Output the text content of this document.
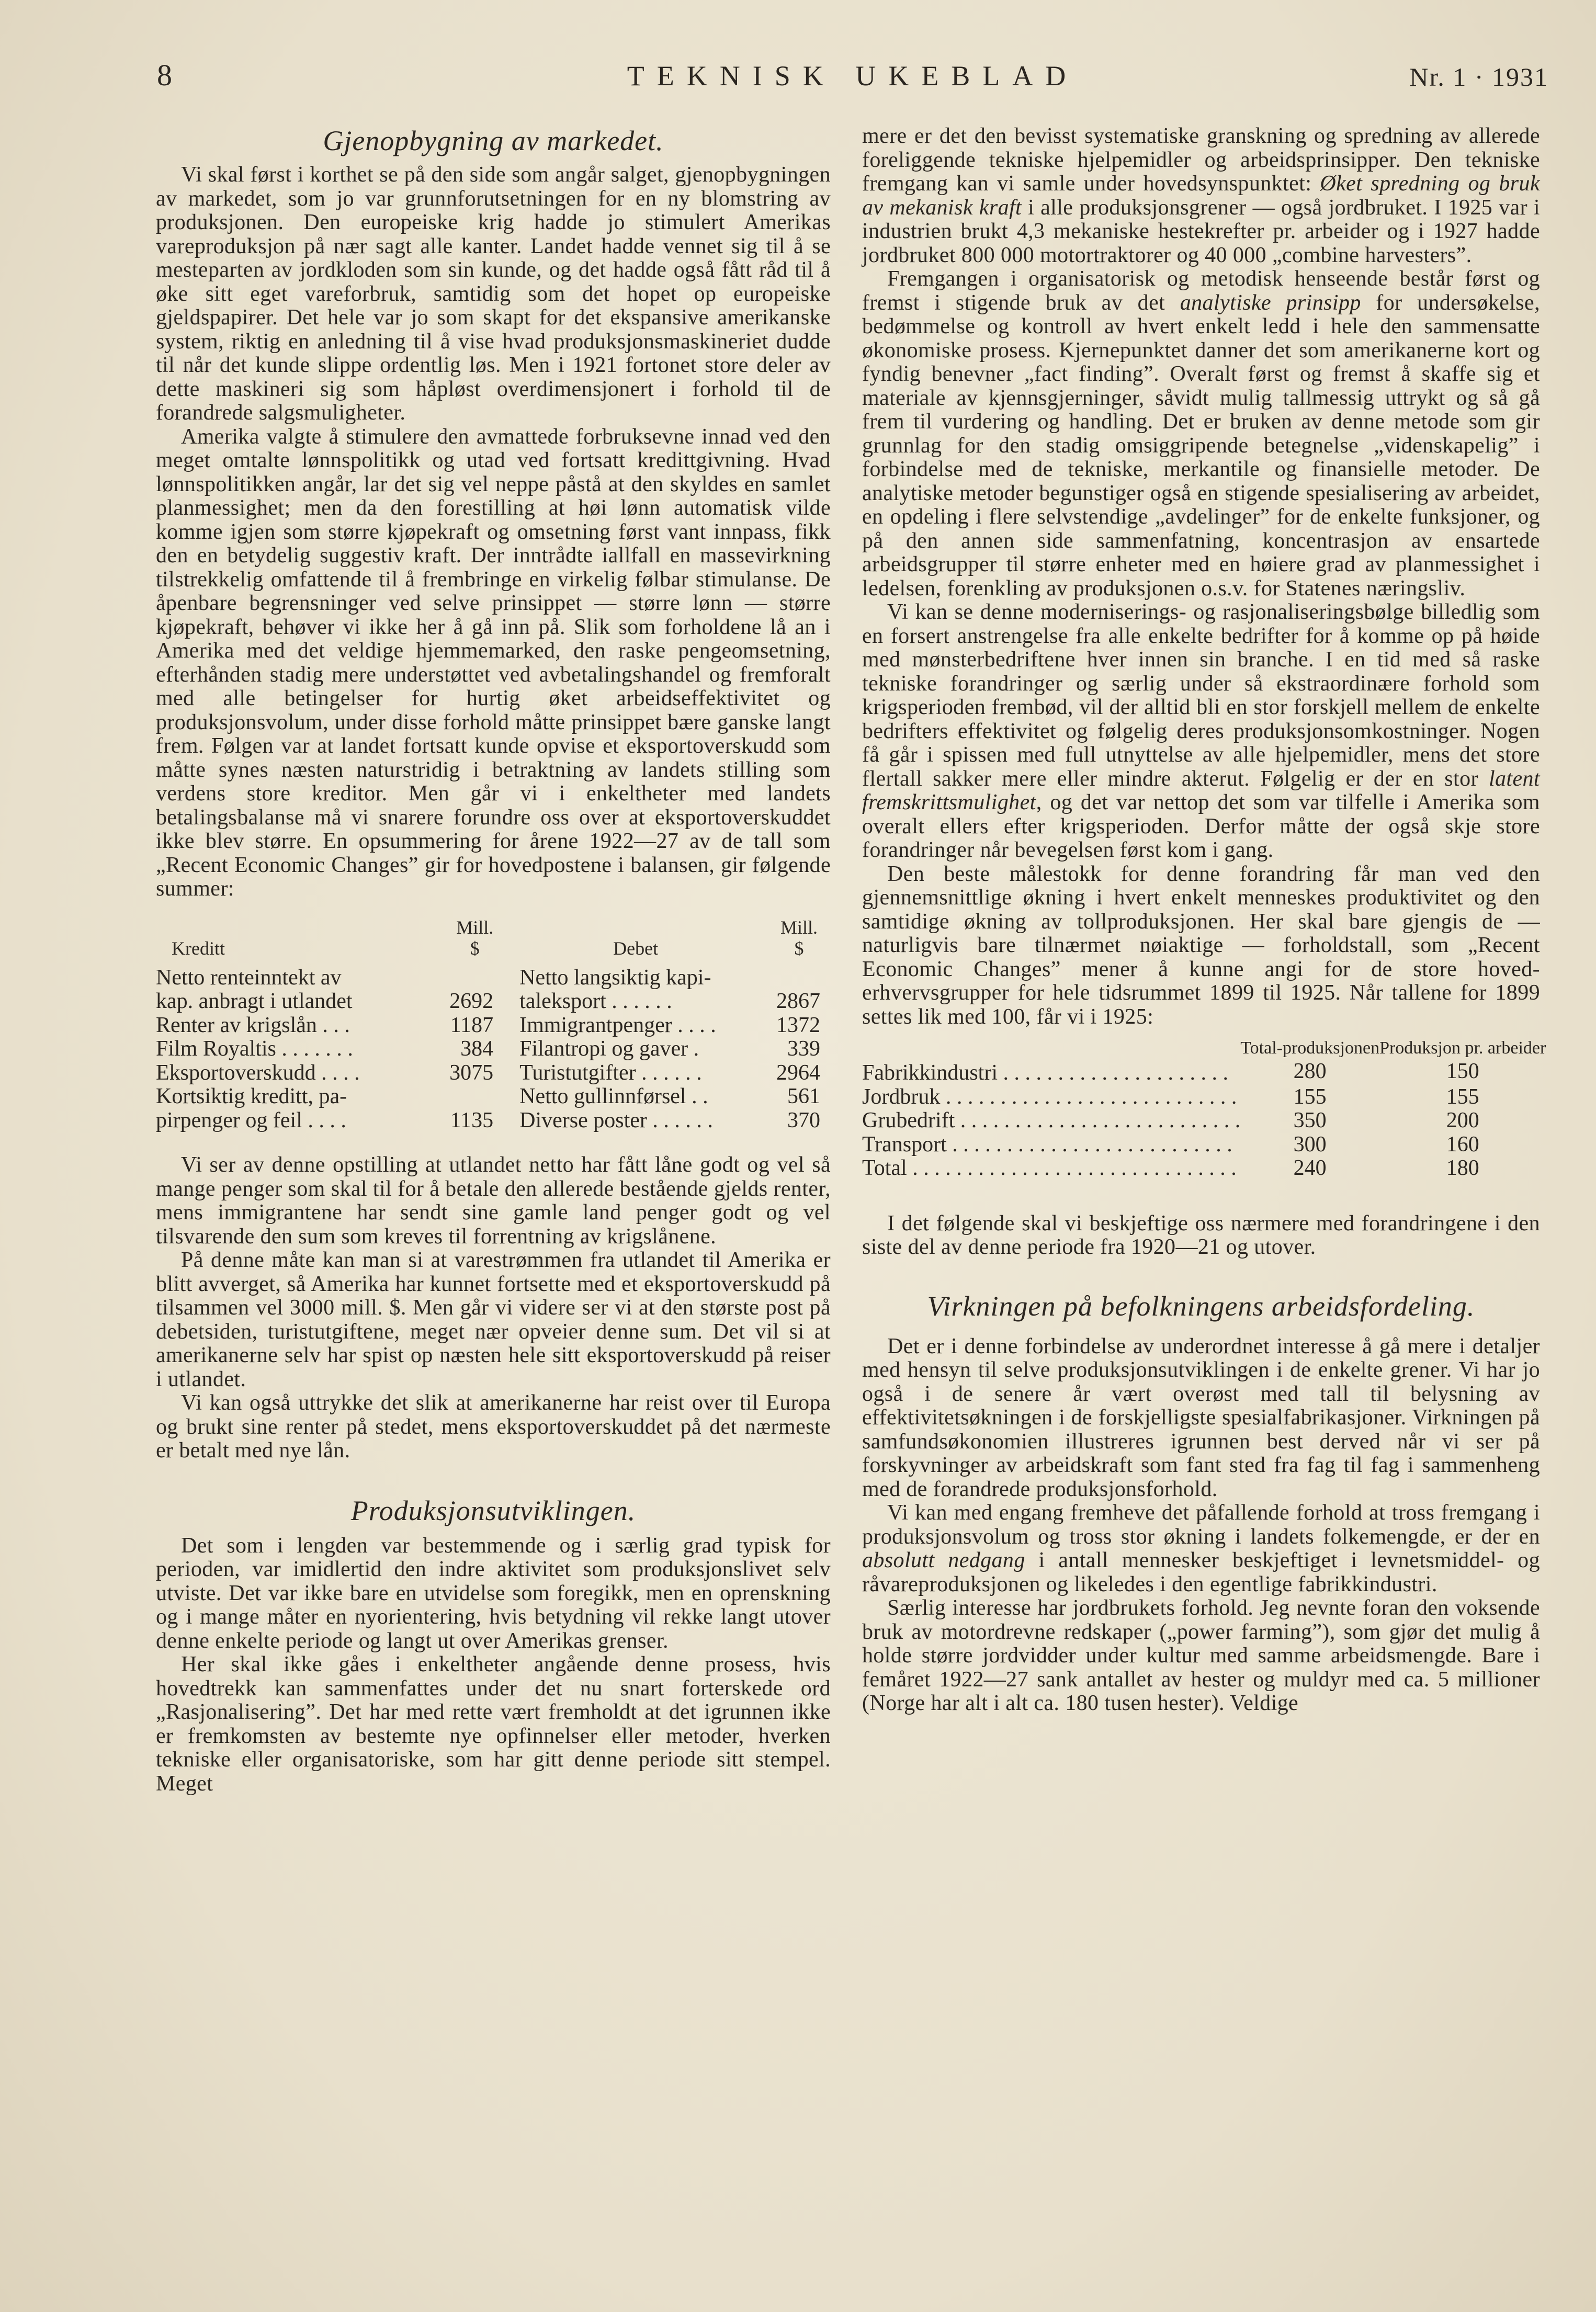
8	TEKNISK UKEBLAD	Nr. 1 · 1931
Gjenopbygning av markedet.

Vi skal først i korthet se på den side som angår salget, gjenopbygningen av markedet, som jo var grunnforutsetningen for en ny blomstring av produksjonen. Den europeiske krig hadde jo stimulert Amerikas vareproduksjon på nær sagt alle kanter. Landet hadde vennet sig til å se mesteparten av jordkloden som sin kunde, og det hadde også fått råd til å øke sitt eget vareforbruk, samtidig som det hopet op europeiske gjeldspapirer. Det hele var jo som skapt for det ekspansive amerikanske system, riktig en anledning til å vise hvad produksjonsmaskineriet dudde til når det kunde slippe ordentlig løs. Men i 1921 fortonet store deler av dette maskineri sig som håpløst overdimensjonert i forhold til de forandrede salgsmuligheter.

Amerika valgte å stimulere den avmattede forbruksevne innad ved den meget omtalte lønnspolitikk og utad ved fortsatt kredittgivning. Hvad lønnspolitikken angår, lar det sig vel neppe påstå at den skyldes en samlet planmessighet; men da den forestilling at høi lønn automatisk vilde komme igjen som større kjøpekraft og omsetning først vant innpass, fikk den en betydelig suggestiv kraft. Der inntrådte iallfall en massevirkning tilstrekkelig omfattende til å frembringe en virkelig følbar stimulanse. De åpenbare begrensninger ved selve prinsippet — større lønn — større kjøpekraft, behøver vi ikke her å gå inn på. Slik som forholdene lå an i Amerika med det veldige hjemmemarked, den raske pengeomsetning, efterhånden stadig mere understøttet ved avbetalingshandel og fremforalt med alle betingelser for hurtig øket arbeidseffektivitet og produksjonsvolum, under disse forhold måtte prinsippet bære ganske langt frem. Følgen var at landet fortsatt kunde opvise et eksportoverskudd som måtte synes næsten naturstridig i betraktning av landets stilling som verdens store kreditor. Men går vi i enkeltheter med landets betalingsbalanse må vi snarere forundre oss over at eksportoverskuddet ikke blev større. En opsummering for årene 1922—27 av de tall som „Recent Economic Changes” gir for hovedpostene i balansen, gir følgende summer:

Kreditt	Mill.
$	Debet	Mill.
$
Netto renteinntekt av		Netto langsiktig kapi-	
kap. anbragt i utlandet	2692	taleksport . . . . . .	2867
Renter av krigslån . . .	1187	Immigrantpenger . . . .	1372
Film Royaltis . . . . . . .	384	Filantropi og gaver .	339
Eksportoverskudd . . . .	3075	Turistutgifter . . . . . .	2964
Kortsiktig kreditt, pa-		Netto gullinnførsel . .	561
pirpenger og feil . . . .	1135	Diverse poster . . . . . .	370

Vi ser av denne opstilling at utlandet netto har fått låne godt og vel så mange penger som skal til for å betale den allerede bestående gjelds renter, mens immigrantene har sendt sine gamle land penger godt og vel tilsvarende den sum som kreves til forrentning av krigslånene.

På denne måte kan man si at varestrømmen fra utlandet til Amerika er blitt avverget, så Amerika har kunnet fortsette med et eksportoverskudd på tilsammen vel 3000 mill. $. Men går vi videre ser vi at den største post på debetsiden, turistutgiftene, meget nær opveier denne sum. Det vil si at amerikanerne selv har spist op næsten hele sitt eksportoverskudd på reiser i utlandet.

Vi kan også uttrykke det slik at amerikanerne har reist over til Europa og brukt sine renter på stedet, mens eksportoverskuddet på det nærmeste er betalt med nye lån.

Produksjonsutviklingen.

Det som i lengden var bestemmende og i særlig grad typisk for perioden, var imidlertid den indre aktivitet som produksjonslivet selv utviste. Det var ikke bare en utvidelse som foregikk, men en oprenskning og i mange måter en nyorientering, hvis betydning vil rekke langt utover denne enkelte periode og langt ut over Amerikas grenser.

Her skal ikke gåes i enkeltheter angående denne prosess, hvis hovedtrekk kan sammenfattes under det nu snart forterskede ord „Rasjonalisering”. Det har med rette vært fremholdt at det igrunnen ikke er fremkomsten av bestemte nye opfinnelser eller metoder, hverken tekniske eller organisatoriske, som har gitt denne periode sitt stempel. Meget

mere er det den bevisst systematiske granskning og spredning av allerede foreliggende tekniske hjelpemidler og arbeidsprinsipper. Den tekniske fremgang kan vi samle under hovedsynspunktet: Øket spredning og bruk av mekanisk kraft i alle produksjonsgrener — også jordbruket. I 1925 var i industrien brukt 4,3 mekaniske hestekrefter pr. arbeider og i 1927 hadde jordbruket 800 000 motortraktorer og 40 000 „combine harvesters”.

Fremgangen i organisatorisk og metodisk henseende består først og fremst i stigende bruk av det analytiske prinsipp for undersøkelse, bedømmelse og kontroll av hvert enkelt ledd i hele den sammensatte økonomiske prosess. Kjernepunktet danner det som amerikanerne kort og fyndig benevner „fact finding”. Overalt først og fremst å skaffe sig et materiale av kjennsgjerninger, såvidt mulig tallmessig uttrykt og så gå frem til vurdering og handling. Det er bruken av denne metode som gir grunnlag for den stadig omsiggripende betegnelse „videnskapelig” i forbindelse med de tekniske, merkantile og finansielle metoder. De analytiske metoder begunstiger også en stigende spesialisering av arbeidet, en opdeling i flere selvstendige „avdelinger” for de enkelte funksjoner, og på den annen side sammenfatning, koncentrasjon av ensartede arbeidsgrupper til større enheter med en høiere grad av planmessighet i ledelsen, forenkling av produksjonen o.s.v. for Statenes næringsliv.

Vi kan se denne moderniserings- og rasjonaliseringsbølge billedlig som en forsert anstrengelse fra alle enkelte bedrifter for å komme op på høide med mønsterbedriftene hver innen sin branche. I en tid med så raske tekniske forandringer og særlig under så ekstraordinære forhold som krigsperioden frembød, vil der alltid bli en stor forskjell mellem de enkelte bedrifters effektivitet og følgelig deres produksjonsomkostninger. Nogen få går i spissen med full utnyttelse av alle hjelpemidler, mens det store flertall sakker mere eller mindre akterut. Følgelig er der en stor latent fremskrittsmulighet, og det var nettop det som var tilfelle i Amerika som overalt ellers efter krigsperioden. Derfor måtte der også skje store forandringer når bevegelsen først kom i gang.

Den beste målestokk for denne forandring får man ved den gjennemsnittlige økning i hvert enkelt menneskes produktivitet og den samtidige økning av tollproduksjonen. Her skal bare gjengis de — naturligvis bare tilnærmet nøiaktige — forholdstall, som „Recent Economic Changes” mener å kunne angi for de store hoved-erhvervsgrupper for hele tidsrummet 1899 til 1925. Når tallene for 1899 settes lik med 100, får vi i 1925:

	Total-produksjonen	Produksjon pr. arbeider
Fabrikkindustri . . . . . . . . . . . . . . . . . . . . .	280	150
Jordbruk . . . . . . . . . . . . . . . . . . . . . . . . . . .	155	155
Grubedrift . . . . . . . . . . . . . . . . . . . . . . . . . .	350	200
Transport . . . . . . . . . . . . . . . . . . . . . . . . . .	300	160
Total . . . . . . . . . . . . . . . . . . . . . . . . . . . . . .	240	180

I det følgende skal vi beskjeftige oss nærmere med forandringene i den siste del av denne periode fra 1920—21 og utover.

Virkningen på befolkningens arbeidsfordeling.

Det er i denne forbindelse av underordnet interesse å gå mere i detaljer med hensyn til selve produksjonsutviklingen i de enkelte grener. Vi har jo også i de senere år vært overøst med tall til belysning av effektivitetsøkningen i de forskjelligste spesialfabrikasjoner. Virkningen på samfundsøkonomien illustreres igrunnen best derved når vi ser på forskyvninger av arbeidskraft som fant sted fra fag til fag i sammenheng med de forandrede produksjonsforhold.

Vi kan med engang fremheve det påfallende forhold at tross fremgang i produksjonsvolum og tross stor økning i landets folkemengde, er der en absolutt nedgang i antall mennesker beskjeftiget i levnetsmiddel- og råvareproduksjonen og likeledes i den egentlige fabrikkindustri.

Særlig interesse har jordbrukets forhold. Jeg nevnte foran den voksende bruk av motordrevne redskaper („power farming”), som gjør det mulig å holde større jordvidder under kultur med samme arbeidsmengde. Bare i femåret 1922—27 sank antallet av hester og muldyr med ca. 5 millioner (Norge har alt i alt ca. 180 tusen hester). Veldige
